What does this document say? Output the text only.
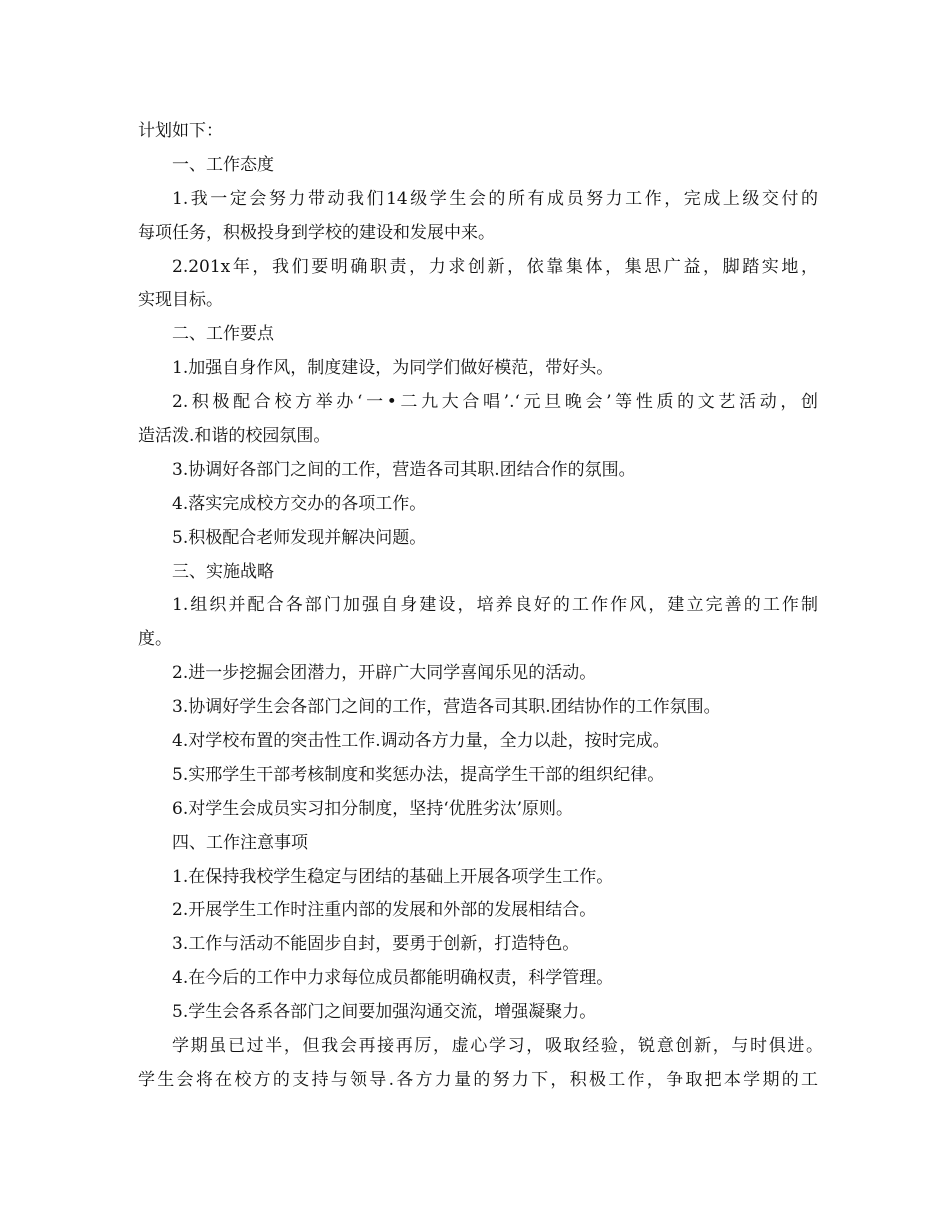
计划如下：
一、工作态度
1.我一定会努力带动我们14级学生会的所有成员努力工作，完成上级交付的
每项任务，积极投身到学校的建设和发展中来。
2.201x年，我们要明确职责，力求创新，依靠集体，集思广益，脚踏实地，
实现目标。
二、工作要点
1.加强自身作风，制度建设，为同学们做好模范，带好头。
2.积极配合校方举办‘一•二九大合唱’.‘元旦晚会’等性质的文艺活动，创
造活泼.和谐的校园氛围。
3.协调好各部门之间的工作，营造各司其职.团结合作的氛围。
4.落实完成校方交办的各项工作。
5.积极配合老师发现并解决问题。
三、实施战略
1.组织并配合各部门加强自身建设，培养良好的工作作风，建立完善的工作制
度。
2.进一步挖掘会团潜力，开辟广大同学喜闻乐见的活动。
3.协调好学生会各部门之间的工作，营造各司其职.团结协作的工作氛围。
4.对学校布置的突击性工作.调动各方力量，全力以赴，按时完成。
5.实邢学生干部考核制度和奖惩办法，提高学生干部的组织纪律。
6.对学生会成员实习扣分制度，坚持‘优胜劣汰’原则。
四、工作注意事项
1.在保持我校学生稳定与团结的基础上开展各项学生工作。
2.开展学生工作时注重内部的发展和外部的发展相结合。
3.工作与活动不能固步自封，要勇于创新，打造特色。
4.在今后的工作中力求每位成员都能明确权责，科学管理。
5.学生会各系各部门之间要加强沟通交流，增强凝聚力。
学期虽已过半，但我会再接再厉，虚心学习，吸取经验，锐意创新，与时俱进。
学生会将在校方的支持与领导.各方力量的努力下，积极工作，争取把本学期的工
